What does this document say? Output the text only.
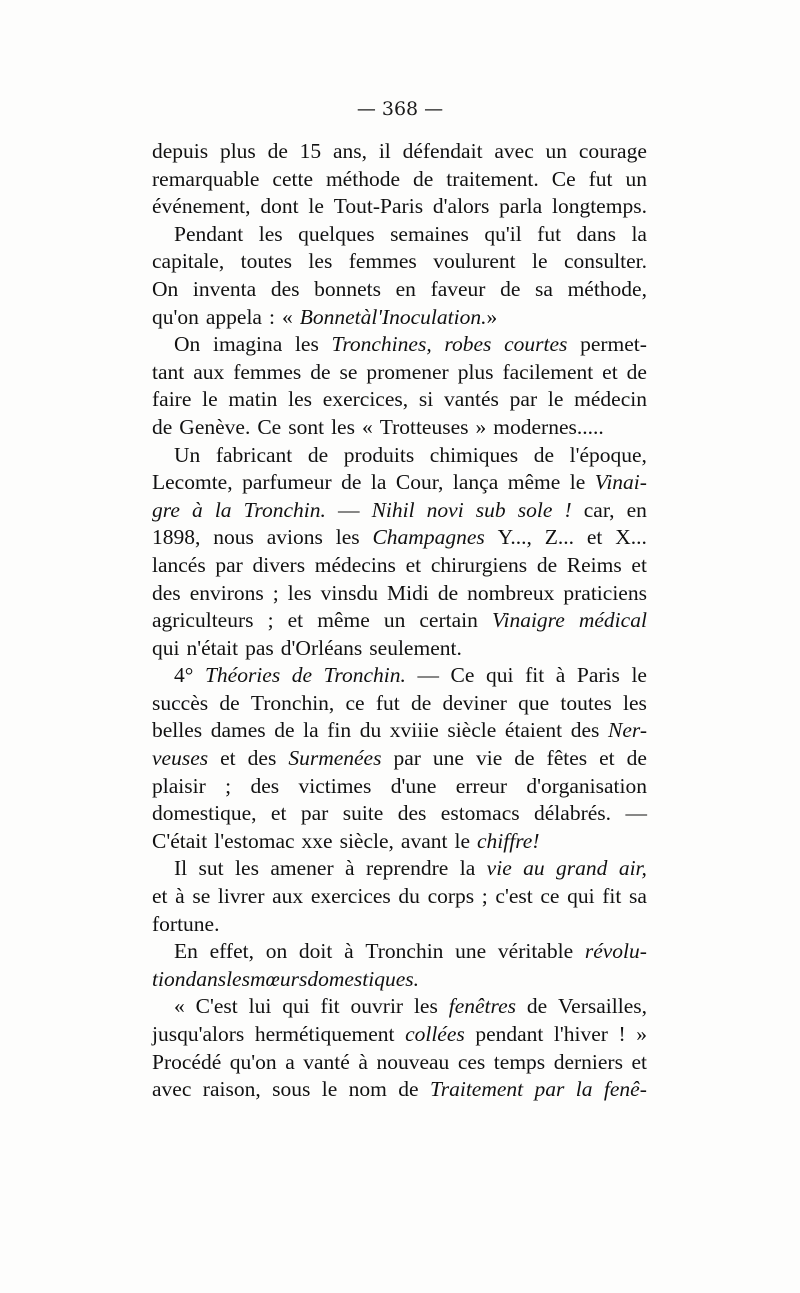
— 368 —
depuis plus de 15 ans, il défendait avec un courage
remarquable cette méthode de traitement. Ce fut un
événement, dont le Tout-Paris d'alors parla longtemps.
Pendant les quelques semaines qu'il fut dans la
capitale, toutes les femmes voulurent le consulter.
On inventa des bonnets en faveur de sa méthode,
qu'on appela : « Bonnet à l'Inoculation. »
On imagina les Tronchines, robes courtes permet-
tant aux femmes de se promener plus facilement et de
faire le matin les exercices, si vantés par le médecin
de Genève. Ce sont les « Trotteuses » modernes.....
Un fabricant de produits chimiques de l'époque,
Lecomte, parfumeur de la Cour, lança même le Vinai-
gre à la Tronchin. — Nihil novi sub sole ! car, en
1898, nous avions les Champagnes Y..., Z... et X...
lancés par divers médecins et chirurgiens de Reims et
des environs ; les vinsdu Midi de nombreux praticiens
agriculteurs ; et même un certain Vinaigre médical
qui n'était pas d'Orléans seulement.
4° Théories de Tronchin. — Ce qui fit à Paris le
succès de Tronchin, ce fut de deviner que toutes les
belles dames de la fin du xviiie siècle étaient des Ner-
veuses et des Surmenées par une vie de fêtes et de
plaisir ; des victimes d'une erreur d'organisation
domestique, et par suite des estomacs délabrés. —
C'était l'estomac xxe siècle, avant le chiffre !
Il sut les amener à reprendre la vie au grand air,
et à se livrer aux exercices du corps ; c'est ce qui fit sa
fortune.
En effet, on doit à Tronchin une véritable révolu-
tion dans les mœurs domestiques.
« C'est lui qui fit ouvrir les fenêtres de Versailles,
jusqu'alors hermétiquement collées pendant l'hiver ! »
Procédé qu'on a vanté à nouveau ces temps derniers et
avec raison, sous le nom de Traitement par la fenê-
